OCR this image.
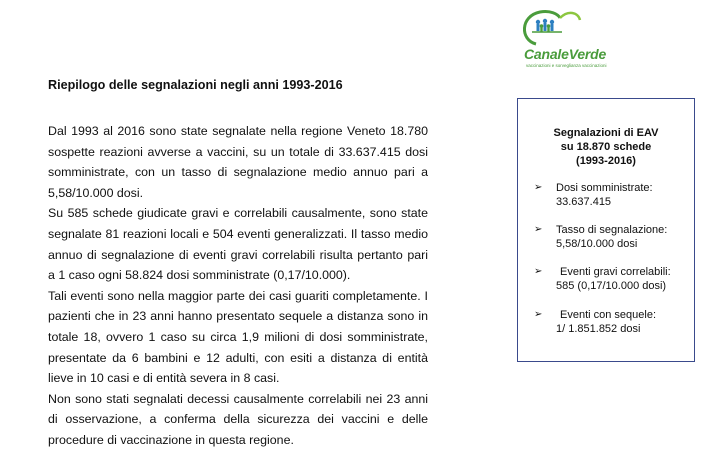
CanaleVerde
vaccinazioni e sorveglianza vaccinazioni
Riepilogo delle segnalazioni negli anni 1993-2016

Dal 1993 al 2016 sono state segnalate nella regione Veneto 18.780 sospette reazioni avverse a vaccini, su un totale di 33.637.415 dosi somministrate, con un tasso di segnalazione medio annuo pari a 5,58/10.000 dosi.

Su 585 schede giudicate gravi e correlabili causalmente, sono state segnalate 81 reazioni locali e 504 eventi generalizzati. Il tasso medio annuo di segnalazione di eventi gravi correlabili risulta pertanto pari a 1 caso ogni 58.824 dosi somministrate (0,17/10.000).

Tali eventi sono nella maggior parte dei casi guariti completamente. I pazienti che in 23 anni hanno presentato sequele a distanza sono in totale 18, ovvero 1 caso su circa 1,9 milioni di dosi somministrate, presentate da 6 bambini e 12 adulti, con esiti a distanza di entità lieve in 10 casi e di entità severa in 8 casi.

Non sono stati segnalati decessi causalmente correlabili nei 23 anni di osservazione, a conferma della sicurezza dei vaccini e delle procedure di vaccinazione in questa regione.

Segnalazioni di EAV
su 18.870 schede
(1993-2016)
➢ Dosi somministrate:
33.637.415
➢ Tasso di segnalazione:
5,58/10.000 dosi
➢	Eventi gravi correlabili:
585 (0,17/10.000 dosi)
➢	Eventi con sequele:
1/ 1.851.852 dosi
